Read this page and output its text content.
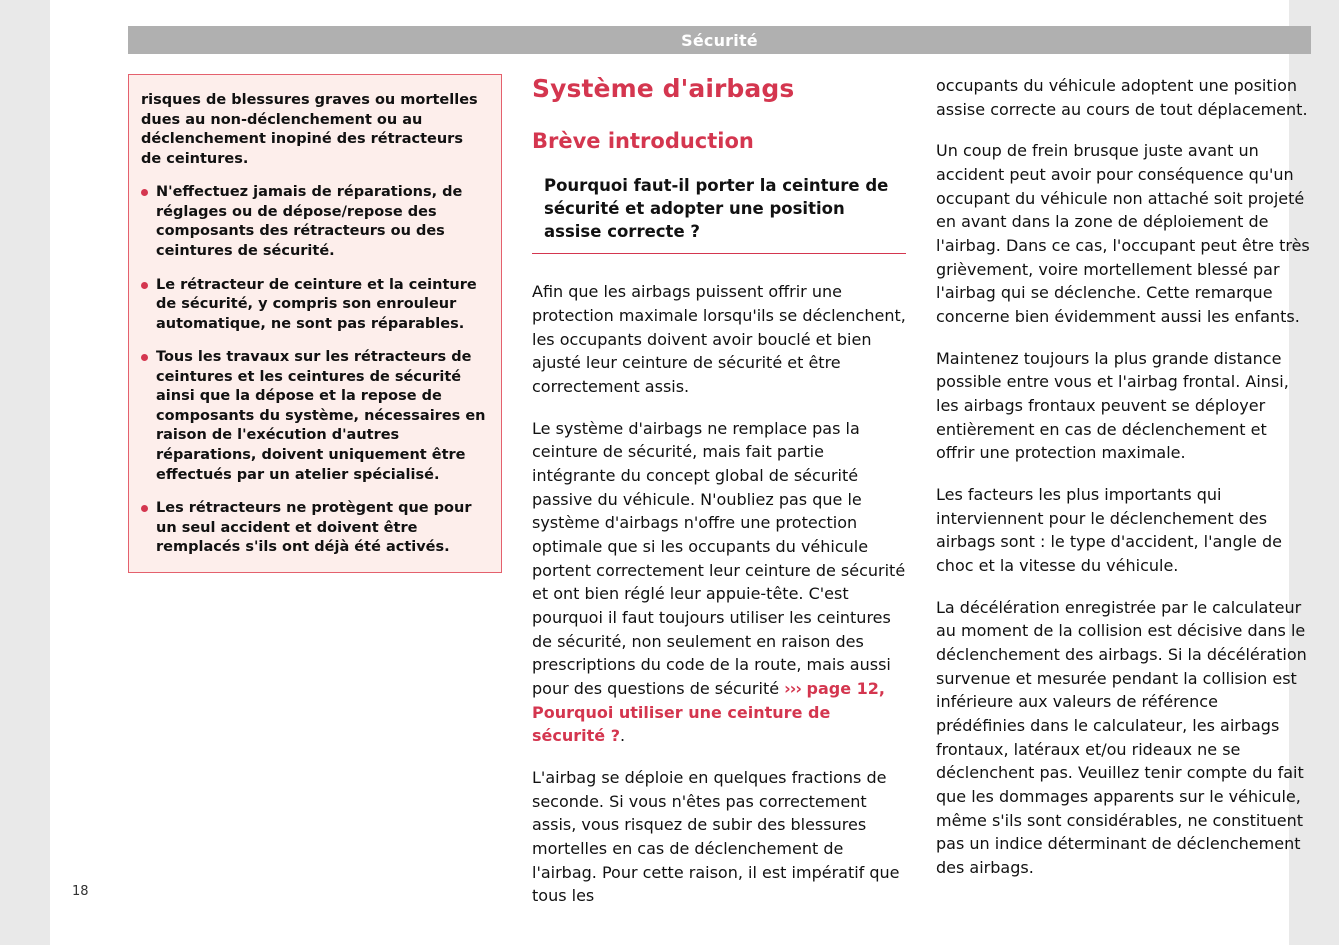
Sécurité
18

risques de blessures graves ou mortelles dues au non-déclenchement ou au déclenchement inopiné des rétracteurs de ceintures.

N'effectuez jamais de réparations, de réglages ou de dépose/repose des composants des rétracteurs ou des ceintures de sécurité.

Le rétracteur de ceinture et la ceinture de sécurité, y compris son enrouleur automatique, ne sont pas réparables.

Tous les travaux sur les rétracteurs de ceintures et les ceintures de sécurité ainsi que la dépose et la repose de composants du système, nécessaires en raison de l'exécution d'autres réparations, doivent uniquement être effectués par un atelier spécialisé.

Les rétracteurs ne protègent que pour un seul accident et doivent être remplacés s'ils ont déjà été activés.

Système d'airbags
Brève introduction

Pourquoi faut-il porter la ceinture de sécurité et adopter une position assise correcte ?

Afin que les airbags puissent offrir une protection maximale lorsqu'ils se déclenchent, les occupants doivent avoir bouclé et bien ajusté leur ceinture de sécurité et être correctement assis.

Le système d'airbags ne remplace pas la ceinture de sécurité, mais fait partie intégrante du concept global de sécurité passive du véhicule. N'oubliez pas que le système d'airbags n'offre une protection optimale que si les occupants du véhicule portent correctement leur ceinture de sécurité et ont bien réglé leur appuie-tête. C'est pourquoi il faut toujours utiliser les ceintures de sécurité, non seulement en raison des prescriptions du code de la route, mais aussi pour des questions de sécurité ››› page 12, Pourquoi utiliser une ceinture de sécurité ?.

L'airbag se déploie en quelques fractions de seconde. Si vous n'êtes pas correctement assis, vous risquez de subir des blessures mortelles en cas de déclenchement de l'airbag. Pour cette raison, il est impératif que tous les

occupants du véhicule adoptent une position assise correcte au cours de tout déplacement.

Un coup de frein brusque juste avant un accident peut avoir pour conséquence qu'un occupant du véhicule non attaché soit projeté en avant dans la zone de déploiement de l'airbag. Dans ce cas, l'occupant peut être très grièvement, voire mortellement blessé par l'airbag qui se déclenche. Cette remarque concerne bien évidemment aussi les enfants.

Maintenez toujours la plus grande distance possible entre vous et l'airbag frontal. Ainsi, les airbags frontaux peuvent se déployer entièrement en cas de déclenchement et offrir une protection maximale.

Les facteurs les plus importants qui interviennent pour le déclenchement des airbags sont : le type d'accident, l'angle de choc et la vitesse du véhicule.

La décélération enregistrée par le calculateur au moment de la collision est décisive dans le déclenchement des airbags. Si la décélération survenue et mesurée pendant la collision est inférieure aux valeurs de référence prédéfinies dans le calculateur, les airbags frontaux, latéraux et/ou rideaux ne se déclenchent pas. Veuillez tenir compte du fait que les dommages apparents sur le véhicule, même s'ils sont considérables, ne constituent pas un indice déterminant de déclenchement des airbags.
